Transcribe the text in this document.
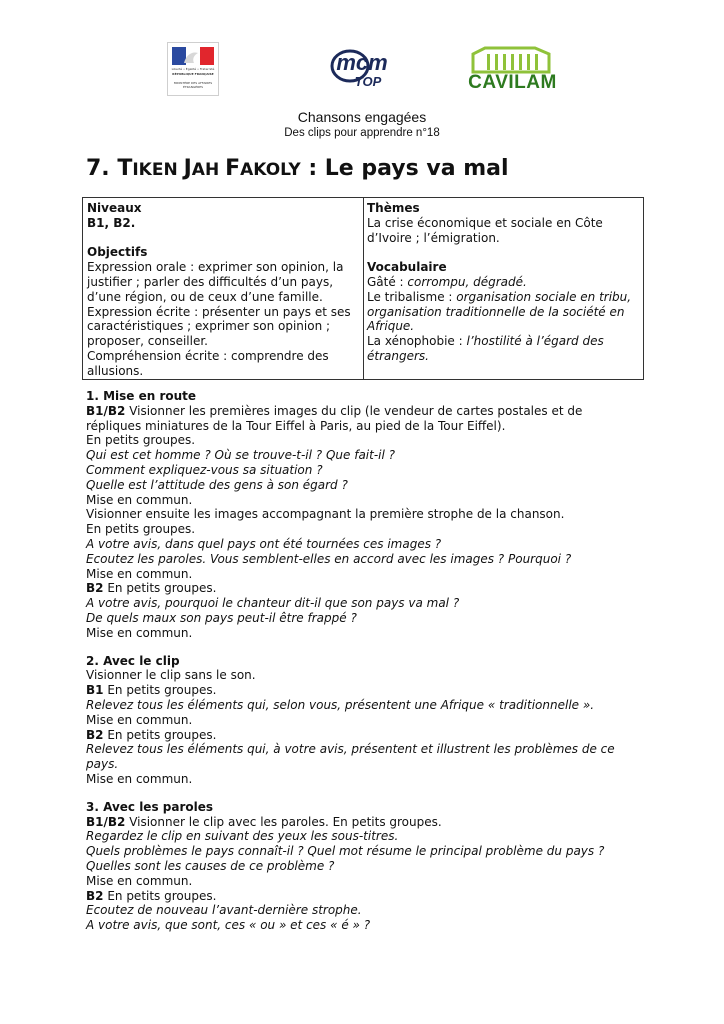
Liberté • Égalité • Fraternité
RÉPUBLIQUE FRANÇAISE
MINISTÈRE DES AFFAIRES ÉTRANGÈRES
mcm
TOP	CAVILAM
Chansons engagées
Des clips pour apprendre n°18
7. TIKEN JAH FAKOLY : Le pays va mal
Niveaux
B1, B2.
Objectifs
Expression orale : exprimer son opinion, la
justifier ; parler des difficultés d’un pays,
d’une région, ou de ceux d’une famille.
Expression écrite : présenter un pays et ses
caractéristiques ; exprimer son opinion ;
proposer, conseiller.
Compréhension écrite : comprendre des
allusions.
Thèmes
La crise économique et sociale en Côte
d’Ivoire ; l’émigration.
Vocabulaire
Gâté : corrompu, dégradé.
Le tribalisme : organisation sociale en tribu,
organisation traditionnelle de la société en
Afrique.
La xénophobie : l’hostilité à l’égard des
étrangers.
1. Mise en route
B1/B2 Visionner les premières images du clip (le vendeur de cartes postales et de
répliques miniatures de la Tour Eiffel à Paris, au pied de la Tour Eiffel).
En petits groupes.
Qui est cet homme ? Où se trouve-t-il ? Que fait-il ?
Comment expliquez-vous sa situation ?
Quelle est l’attitude des gens à son égard ?
Mise en commun.
Visionner ensuite les images accompagnant la première strophe de la chanson.
En petits groupes.
A votre avis, dans quel pays ont été tournées ces images ?
Ecoutez les paroles. Vous semblent-elles en accord avec les images ? Pourquoi ?
Mise en commun.
B2 En petits groupes.
A votre avis, pourquoi le chanteur dit-il que son pays va mal ?
De quels maux son pays peut-il être frappé ?
Mise en commun.
2. Avec le clip
Visionner le clip sans le son.
B1 En petits groupes.
Relevez tous les éléments qui, selon vous, présentent une Afrique « traditionnelle ».
Mise en commun.
B2 En petits groupes.
Relevez tous les éléments qui, à votre avis, présentent et illustrent les problèmes de ce
pays.
Mise en commun.
3. Avec les paroles
B1/B2 Visionner le clip avec les paroles. En petits groupes.
Regardez le clip en suivant des yeux les sous-titres.
Quels problèmes le pays connaît-il ? Quel mot résume le principal problème du pays ?
Quelles sont les causes de ce problème ?
Mise en commun.
B2 En petits groupes.
Ecoutez de nouveau l’avant-dernière strophe.
A votre avis, que sont, ces « ou » et ces « é » ?
